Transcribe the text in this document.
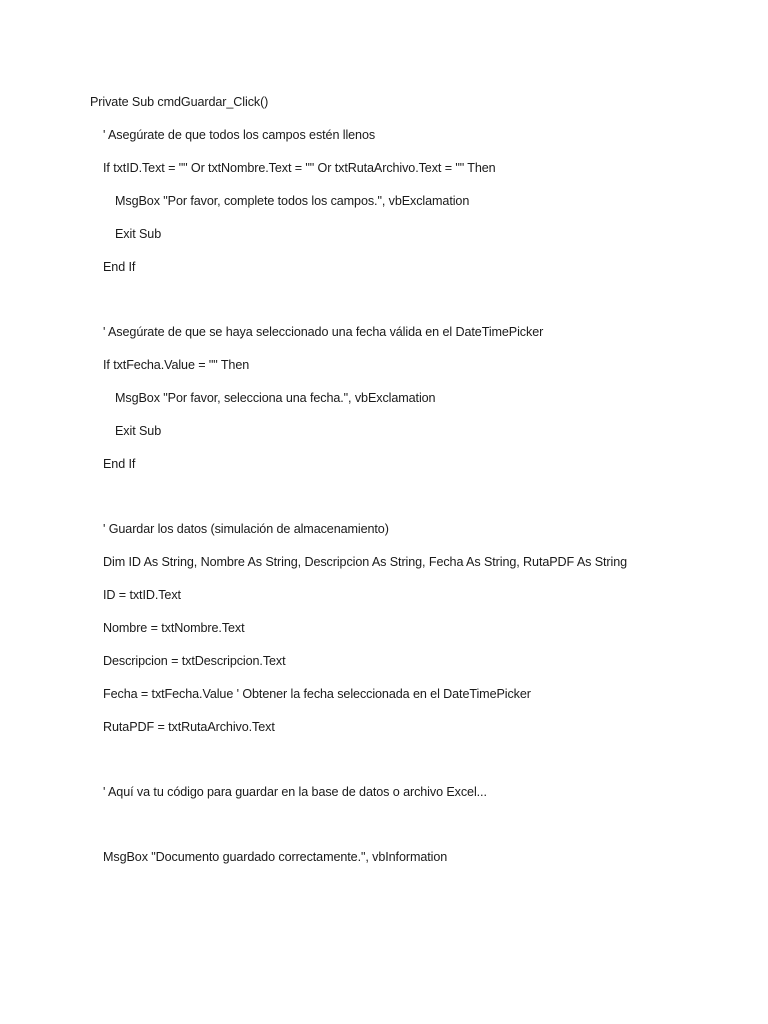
Private Sub cmdGuardar_Click()
' Asegúrate de que todos los campos estén llenos
If txtID.Text = "" Or txtNombre.Text = "" Or txtRutaArchivo.Text = "" Then
MsgBox "Por favor, complete todos los campos.", vbExclamation
Exit Sub
End If
' Asegúrate de que se haya seleccionado una fecha válida en el DateTimePicker
If txtFecha.Value = "" Then
MsgBox "Por favor, selecciona una fecha.", vbExclamation
Exit Sub
End If
' Guardar los datos (simulación de almacenamiento)
Dim ID As String, Nombre As String, Descripcion As String, Fecha As String, RutaPDF As String
ID = txtID.Text
Nombre = txtNombre.Text
Descripcion = txtDescripcion.Text
Fecha = txtFecha.Value ' Obtener la fecha seleccionada en el DateTimePicker
RutaPDF = txtRutaArchivo.Text
' Aquí va tu código para guardar en la base de datos o archivo Excel...
MsgBox "Documento guardado correctamente.", vbInformation
